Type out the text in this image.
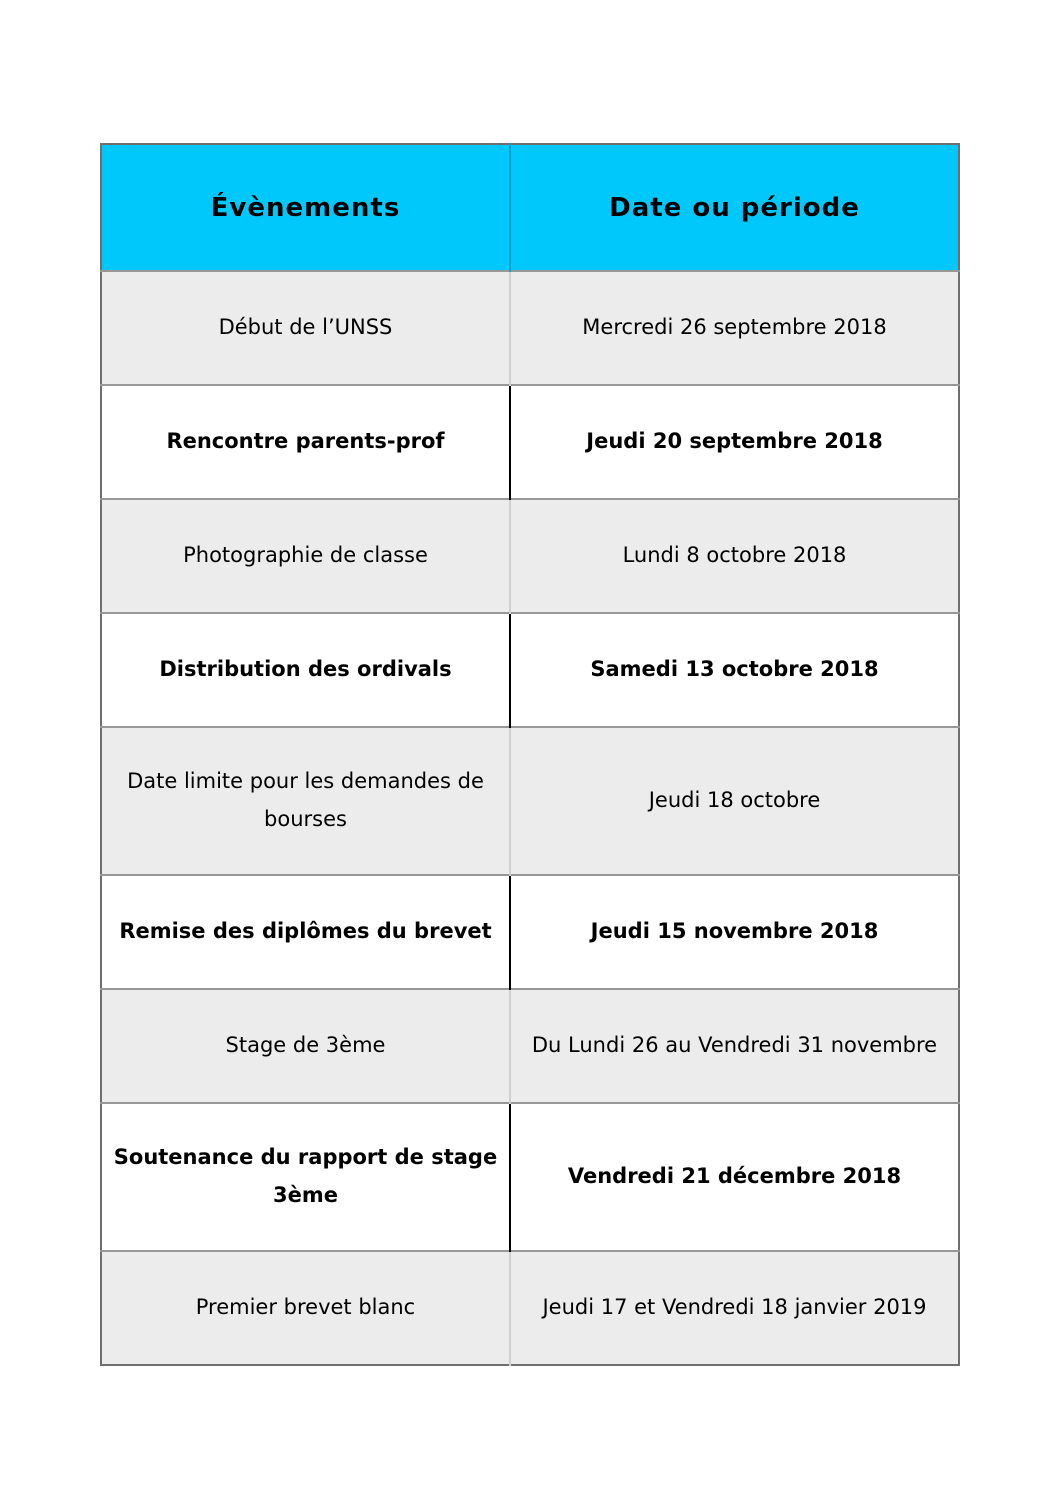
Évènements	Date ou période
Début de l’UNSS	Mercredi 26 septembre 2018
Rencontre parents-prof	Jeudi 20 septembre 2018
Photographie de classe	Lundi 8 octobre 2018
Distribution des ordivals	Samedi 13 octobre 2018
Date limite pour les demandes de bourses	Jeudi 18 octobre
Remise des diplômes du brevet	Jeudi 15 novembre 2018
Stage de 3ème	Du Lundi 26 au Vendredi 31 novembre
Soutenance du rapport de stage 3ème	Vendredi 21 décembre 2018
Premier brevet blanc	Jeudi 17 et Vendredi 18 janvier 2019
